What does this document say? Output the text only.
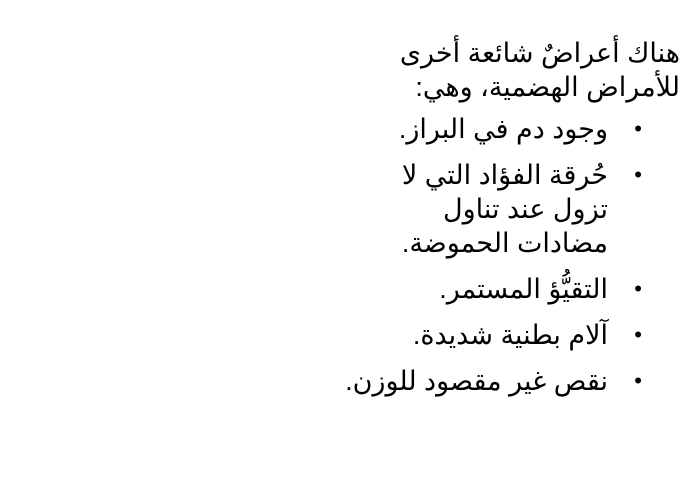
هناك أعراضٌ شائعة أخرى
للأمراض الهضمية، وهي:

•
وجود دم في البراز.
•
حُرقة الفؤاد التي لا تزول عند تناول مضادات الحموضة.
•
التقيُّؤ المستمر.
•
آلام بطنية شديدة.
•
نقص غير مقصود للوزن.
